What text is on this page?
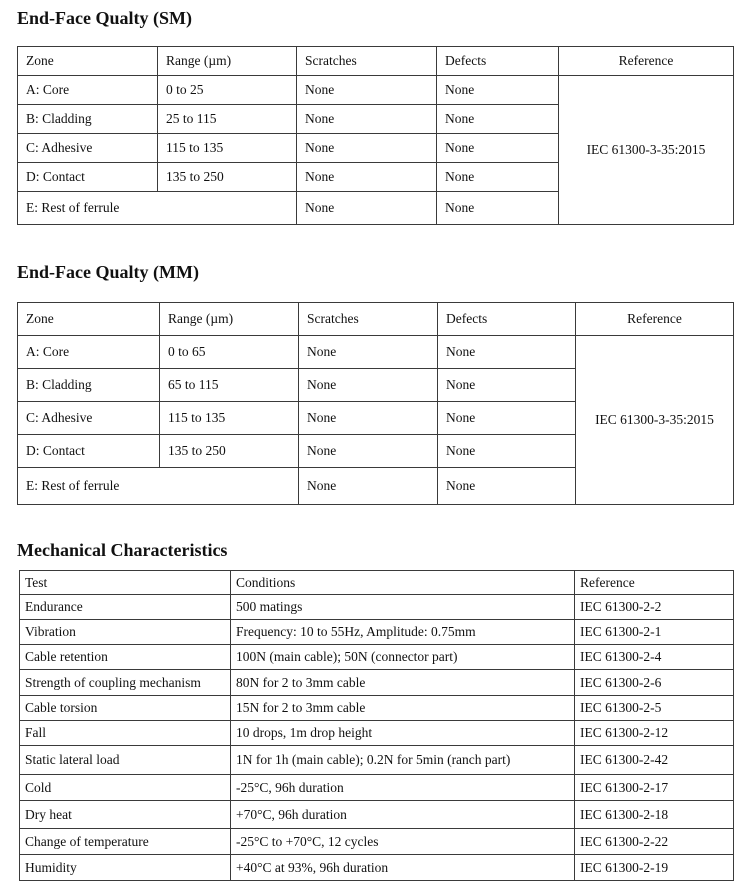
End-Face Qualty (SM)
Zone	Range (µm)	Scratches	Defects	Reference
A: Core	0 to 25	None	None	IEC 61300-3-35:2015
B: Cladding	25 to 115	None	None	
C: Adhesive	115 to 135	None	None	
D: Contact	135 to 250	None	None	
E: Rest of ferrule		None	None	
End-Face Qualty (MM)
Zone	Range (µm)	Scratches	Defects	Reference
A: Core	0 to 65	None	None	IEC 61300-3-35:2015
B: Cladding	65 to 115	None	None	
C: Adhesive	115 to 135	None	None	
D: Contact	135 to 250	None	None	
E: Rest of ferrule		None	None	
Mechanical Characteristics
Test	Conditions	Reference
Endurance	500 matings	IEC 61300-2-2
Vibration	Frequency: 10 to 55Hz, Amplitude: 0.75mm	IEC 61300-2-1
Cable retention	100N (main cable); 50N (connector part)	IEC 61300-2-4
Strength of coupling mechanism	80N for 2 to 3mm cable	IEC 61300-2-6
Cable torsion	15N for 2 to 3mm cable	IEC 61300-2-5
Fall	10 drops, 1m drop height	IEC 61300-2-12
Static lateral load	1N for 1h (main cable); 0.2N for 5min (ranch part)	IEC 61300-2-42
Cold	-25°C, 96h duration	IEC 61300-2-17
Dry heat	+70°C, 96h duration	IEC 61300-2-18
Change of temperature	-25°C to +70°C, 12 cycles	IEC 61300-2-22
Humidity	+40°C at 93%, 96h duration	IEC 61300-2-19
